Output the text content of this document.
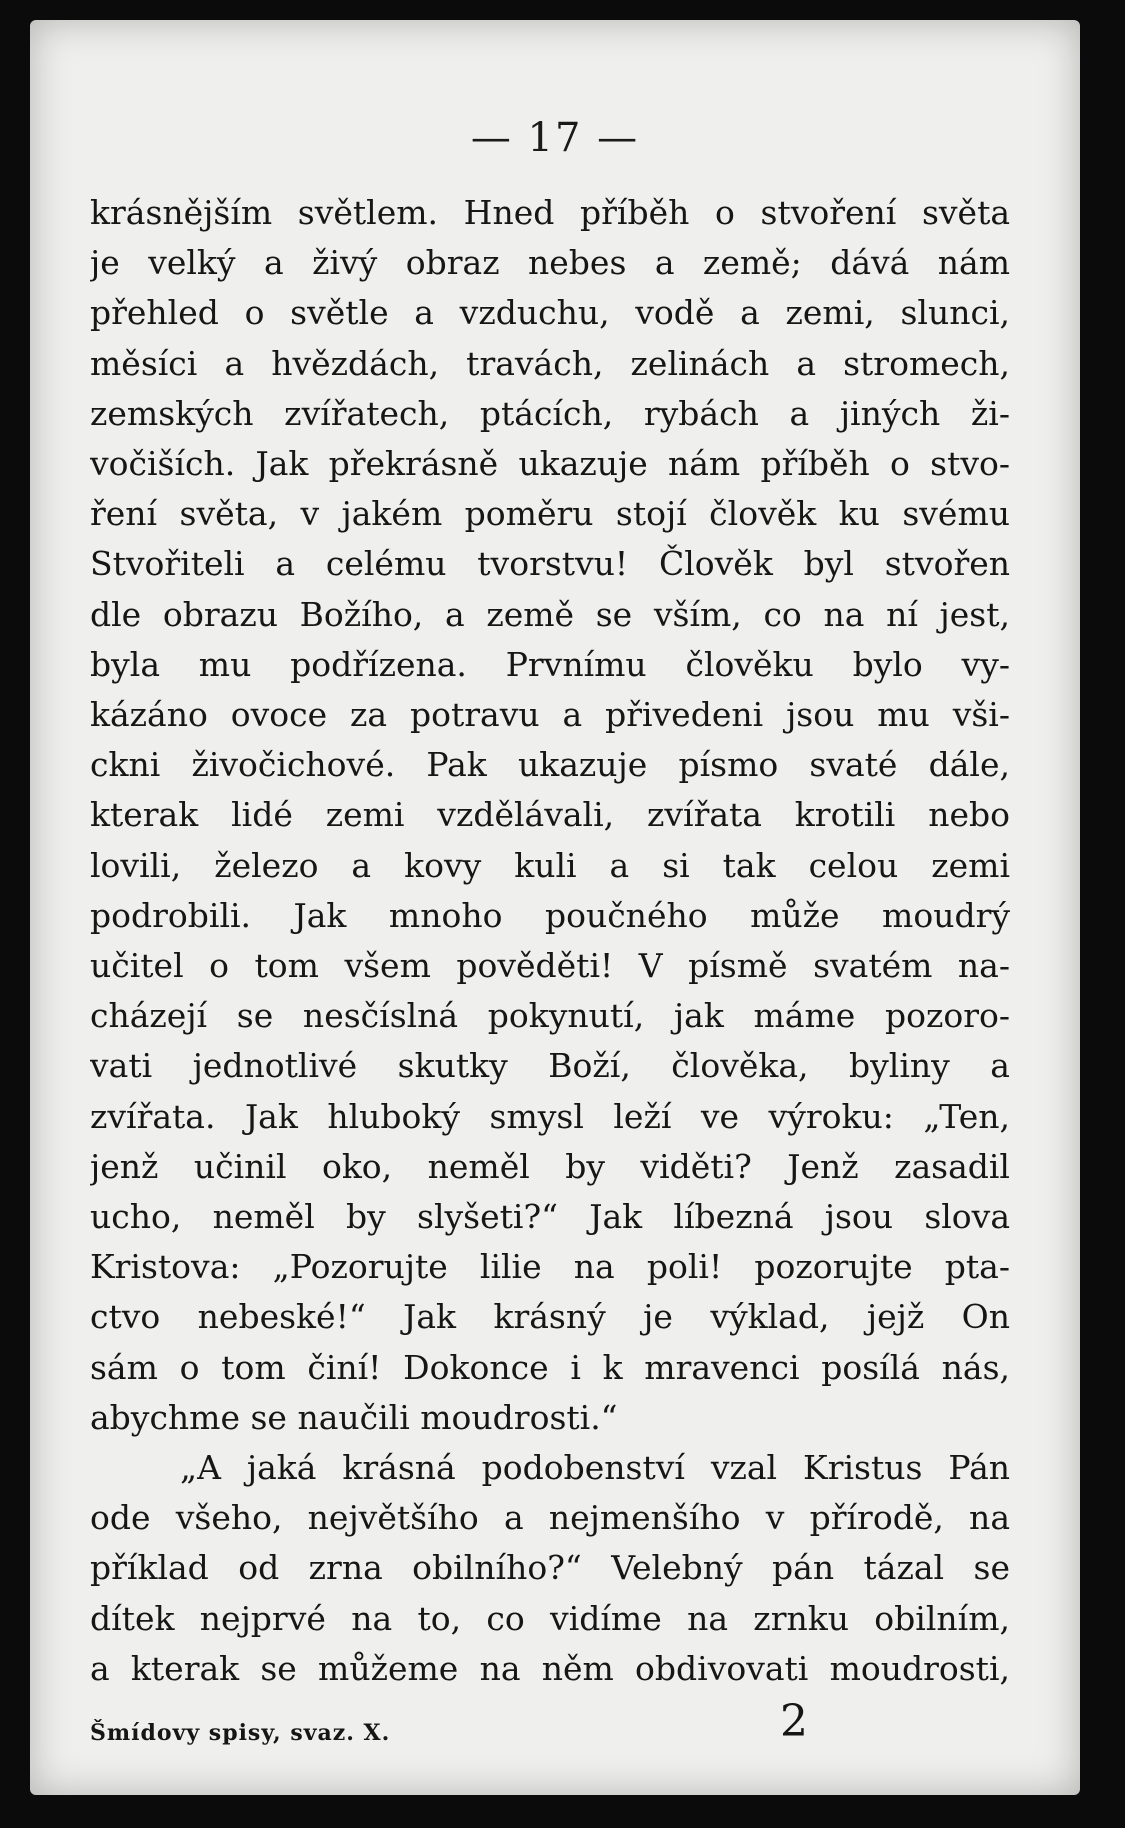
— 17 —
krásnějším světlem. Hned příběh o stvoření světa
je velký a živý obraz nebes a země; dává nám
přehled o světle a vzduchu, vodě a zemi, slunci,
měsíci a hvězdách, travách, zelinách a stromech,
zemských zvířatech, ptácích, rybách a jiných ži-
vočiších. Jak překrásně ukazuje nám příběh o stvo-
ření světa, v jakém poměru stojí člověk ku svému
Stvořiteli a celému tvorstvu! Člověk byl stvořen
dle obrazu Božího, a země se vším, co na ní jest,
byla mu podřízena. Prvnímu člověku bylo vy-
kázáno ovoce za potravu a přivedeni jsou mu vši-
ckni živočichové. Pak ukazuje písmo svaté dále,
kterak lidé zemi vzdělávali, zvířata krotili nebo
lovili, železo a kovy kuli a si tak celou zemi
podrobili. Jak mnoho poučného může moudrý
učitel o tom všem pověděti! V písmě svatém na-
cházejí se nesčíslná pokynutí, jak máme pozoro-
vati jednotlivé skutky Boží, člověka, byliny a
zvířata. Jak hluboký smysl leží ve výroku: „Ten,
jenž učinil oko, neměl by viděti? Jenž zasadil
ucho, neměl by slyšeti?“ Jak líbezná jsou slova
Kristova: „Pozorujte lilie na poli! pozorujte pta-
ctvo nebeské!“ Jak krásný je výklad, jejž On
sám o tom činí! Dokonce i k mravenci posílá nás,
abychme se naučili moudrosti.“
„A jaká krásná podobenství vzal Kristus Pán
ode všeho, největšího a nejmenšího v přírodě, na
příklad od zrna obilního?“ Velebný pán tázal se
dítek nejprvé na to, co vidíme na zrnku obilním,
a kterak se můžeme na něm obdivovati moudrosti,
Šmídovy spisy, svaz. X.	2
